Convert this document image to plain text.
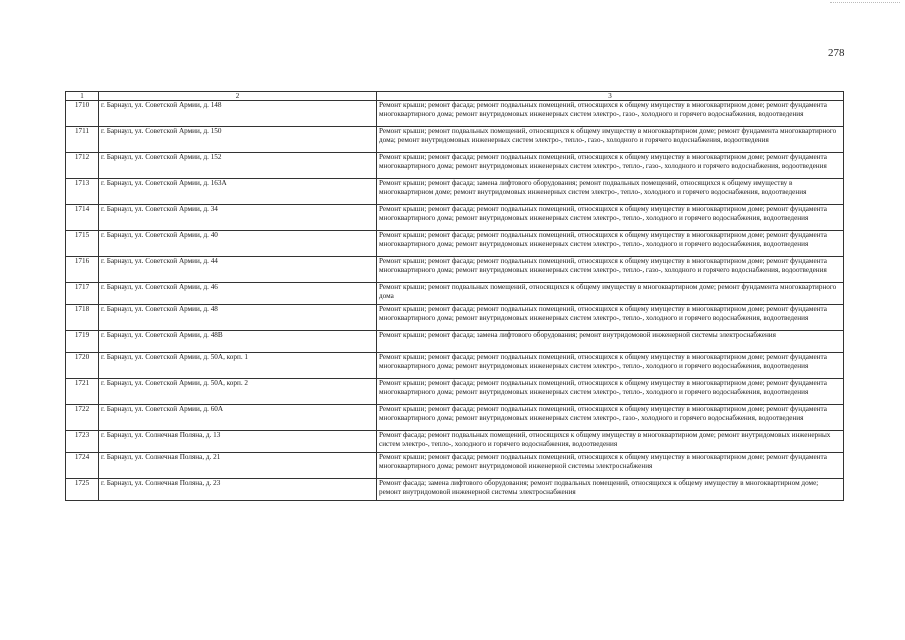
278
1	2	3
1710	г. Барнаул, ул. Советской Армии, д. 148	Ремонт крыши; ремонт фасада; ремонт подвальных помещений, относящихся к общему имуществу в многоквартирном доме; ремонт фундамента многоквартирного дома; ремонт внутридомовых инженерных систем электро-, газо-, холодного и горячего водоснабжения, водоотведения
1711	г. Барнаул, ул. Советской Армии, д. 150	Ремонт крыши; ремонт подвальных помещений, относящихся к общему имуществу в многоквартирном доме; ремонт фундамента многоквартирного дома; ремонт внутридомовых инженерных систем электро-, тепло-, газо-, холодного и горячего водоснабжения, водоотведения
1712	г. Барнаул, ул. Советской Армии, д. 152	Ремонт крыши; ремонт фасада; ремонт подвальных помещений, относящихся к общему имуществу в многоквартирном доме; ремонт фундамента многоквартирного дома; ремонт внутридомовых инженерных систем электро-, тепло-, газо-, холодного и горячего водоснабжения, водоотведения
1713	г. Барнаул, ул. Советской Армии, д. 163А	Ремонт крыши; ремонт фасада; замена лифтового оборудования; ремонт подвальных помещений, относящихся к общему имуществу в многоквартирном доме; ремонт внутридомовых инженерных систем электро-, тепло-, холодного и горячего водоснабжения, водоотведения
1714	г. Барнаул, ул. Советской Армии, д. 34	Ремонт крыши; ремонт фасада; ремонт подвальных помещений, относящихся к общему имуществу в многоквартирном доме; ремонт фундамента многоквартирного дома; ремонт внутридомовых инженерных систем электро-, тепло-, холодного и горячего водоснабжения, водоотведения
1715	г. Барнаул, ул. Советской Армии, д. 40	Ремонт крыши; ремонт фасада; ремонт подвальных помещений, относящихся к общему имуществу в многоквартирном доме; ремонт фундамента многоквартирного дома; ремонт внутридомовых инженерных систем электро-, тепло-, холодного и горячего водоснабжения, водоотведения
1716	г. Барнаул, ул. Советской Армии, д. 44	Ремонт крыши; ремонт фасада; ремонт подвальных помещений, относящихся к общему имуществу в многоквартирном доме; ремонт фундамента многоквартирного дома; ремонт внутридомовых инженерных систем электро-, тепло-, газо-, холодного и горячего водоснабжения, водоотведения
1717	г. Барнаул, ул. Советской Армии, д. 46	Ремонт крыши; ремонт подвальных помещений, относящихся к общему имуществу в многоквартирном доме; ремонт фундамента многоквартирного дома
1718	г. Барнаул, ул. Советской Армии, д. 48	Ремонт крыши; ремонт фасада; ремонт подвальных помещений, относящихся к общему имуществу в многоквартирном доме; ремонт фундамента многоквартирного дома; ремонт внутридомовых инженерных систем электро-, тепло-, холодного и горячего водоснабжения, водоотведения
1719	г. Барнаул, ул. Советской Армии, д. 48В	Ремонт крыши; ремонт фасада; замена лифтового оборудования; ремонт внутридомовой инженерной системы электроснабжения
1720	г. Барнаул, ул. Советской Армии, д. 50А, корп. 1	Ремонт крыши; ремонт фасада; ремонт подвальных помещений, относящихся к общему имуществу в многоквартирном доме; ремонт фундамента многоквартирного дома; ремонт внутридомовых инженерных систем электро-, тепло-, холодного и горячего водоснабжения, водоотведения
1721	г. Барнаул, ул. Советской Армии, д. 50А, корп. 2	Ремонт крыши; ремонт фасада; ремонт подвальных помещений, относящихся к общему имуществу в многоквартирном доме; ремонт фундамента многоквартирного дома; ремонт внутридомовых инженерных систем электро-, тепло-, холодного и горячего водоснабжения, водоотведения
1722	г. Барнаул, ул. Советской Армии, д. 60А	Ремонт крыши; ремонт фасада; ремонт подвальных помещений, относящихся к общему имуществу в многоквартирном доме; ремонт фундамента многоквартирного дома; ремонт внутридомовых инженерных систем электро-, газо-, холодного и горячего водоснабжения, водоотведения
1723	г. Барнаул, ул. Солнечная Поляна, д. 13	Ремонт фасада; ремонт подвальных помещений, относящихся к общему имуществу в многоквартирном доме; ремонт внутридомовых инженерных систем электро-, тепло-, холодного и горячего водоснабжения, водоотведения
1724	г. Барнаул, ул. Солнечная Поляна, д. 21	Ремонт крыши; ремонт фасада; ремонт подвальных помещений, относящихся к общему имуществу в многоквартирном доме; ремонт фундамента многоквартирного дома; ремонт внутридомовой инженерной системы электроснабжения
1725	г. Барнаул, ул. Солнечная Поляна, д. 23	Ремонт фасада; замена лифтового оборудования; ремонт подвальных помещений, относящихся к общему имуществу в многоквартирном доме; ремонт внутридомовой инженерной системы электроснабжения
